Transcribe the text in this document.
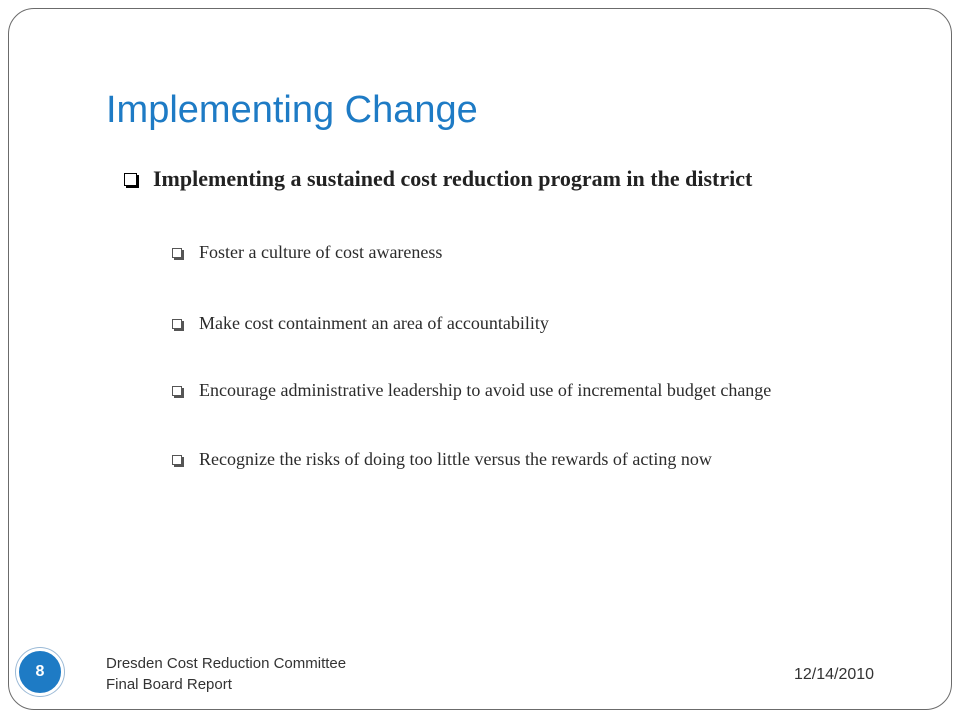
Implementing Change
Implementing a sustained cost reduction program in the district
Foster a culture of cost awareness
Make cost containment an area of accountability
Encourage administrative leadership to avoid use of incremental budget change
Recognize the risks of doing too little versus the rewards of acting now
8	Dresden Cost Reduction Committee
Final Board Report
12/14/2010
